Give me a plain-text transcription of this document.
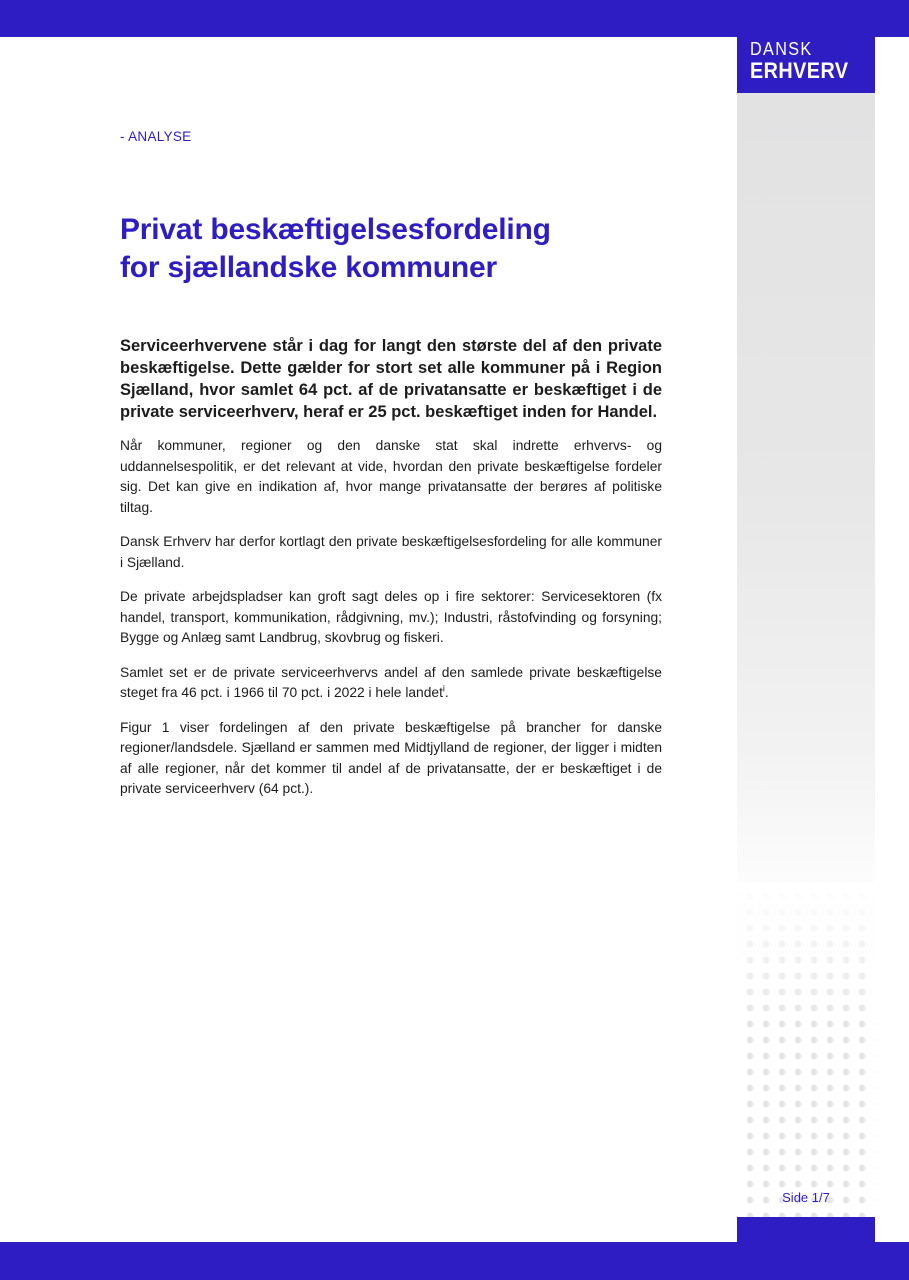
DANSK
ERHVERV
Side 1/7
- ANALYSE
Privat beskæftigelsesfordeling for sjællandske kommuner
Serviceerhvervene står i dag for langt den største del af den private beskæftigelse. Dette gælder for stort set alle kommuner på i Region Sjælland, hvor samlet 64 pct. af de privatansatte er beskæftiget i de private serviceerhverv, heraf er 25 pct. beskæftiget inden for Handel.

Når kommuner, regioner og den danske stat skal indrette erhvervs- og uddannelsespolitik, er det relevant at vide, hvordan den private beskæftigelse fordeler sig. Det kan give en indikation af, hvor mange privatansatte der berøres af politiske tiltag.

Dansk Erhverv har derfor kortlagt den private beskæftigelsesfordeling for alle kommuner i Sjælland.

De private arbejdspladser kan groft sagt deles op i fire sektorer: Servicesektoren (fx handel, transport, kommunikation, rådgivning, mv.); Industri, råstofvinding og forsyning; Bygge og Anlæg samt Landbrug, skovbrug og fiskeri.

Samlet set er de private serviceerhvervs andel af den samlede private beskæftigelse steget fra 46 pct. i 1966 til 70 pct. i 2022 i hele landet$^i$.

Figur 1 viser fordelingen af den private beskæftigelse på brancher for danske regioner/landsdele. Sjælland er sammen med Midtjylland de regioner, der ligger i midten af alle regioner, når det kommer til andel af de privatansatte, der er beskæftiget i de private serviceerhverv (64 pct.).
